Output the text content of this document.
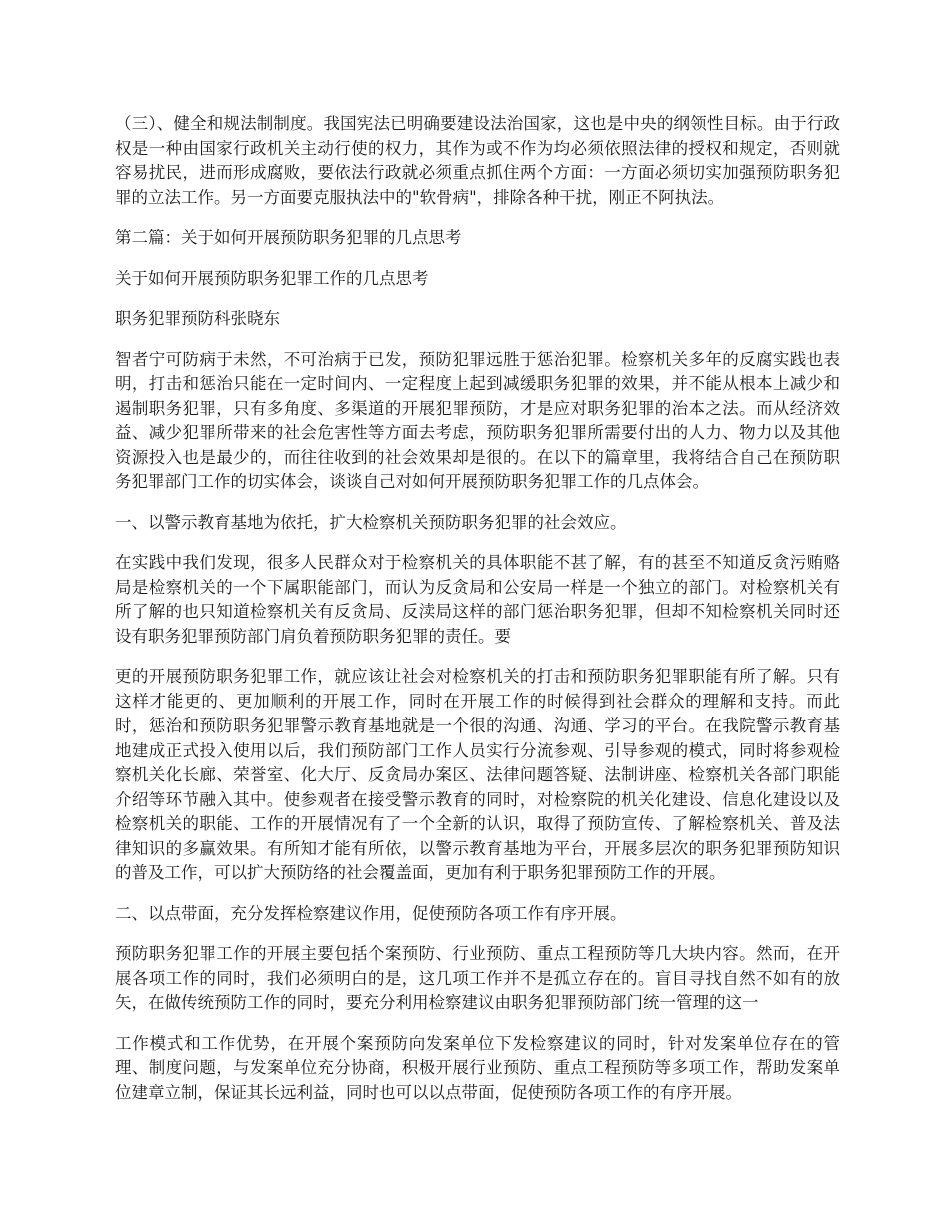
（三）、健全和规法制制度。我国宪法已明确要建设法治国家，这也是中央的纲领性目标。由于行政权是一种由国家行政机关主动行使的权力，其作为或不作为均必须依照法律的授权和规定，否则就容易扰民，进而形成腐败，要依法行政就必须重点抓住两个方面：一方面必须切实加强预防职务犯罪的立法工作。另一方面要克服执法中的"软骨病"，排除各种干扰，刚正不阿执法。

第二篇：关于如何开展预防职务犯罪的几点思考

关于如何开展预防职务犯罪工作的几点思考

职务犯罪预防科张晓东

智者宁可防病于未然，不可治病于已发，预防犯罪远胜于惩治犯罪。检察机关多年的反腐实践也表明，打击和惩治只能在一定时间内、一定程度上起到减缓职务犯罪的效果，并不能从根本上减少和遏制职务犯罪，只有多角度、多渠道的开展犯罪预防，才是应对职务犯罪的治本之法。而从经济效益、减少犯罪所带来的社会危害性等方面去考虑，预防职务犯罪所需要付出的人力、物力以及其他资源投入也是最少的，而往往收到的社会效果却是很的。在以下的篇章里，我将结合自己在预防职务犯罪部门工作的切实体会，谈谈自己对如何开展预防职务犯罪工作的几点体会。

一、以警示教育基地为依托，扩大检察机关预防职务犯罪的社会效应。

在实践中我们发现，很多人民群众对于检察机关的具体职能不甚了解，有的甚至不知道反贪污贿赂局是检察机关的一个下属职能部门，而认为反贪局和公安局一样是一个独立的部门。对检察机关有所了解的也只知道检察机关有反贪局、反渎局这样的部门惩治职务犯罪，但却不知检察机关同时还设有职务犯罪预防部门肩负着预防职务犯罪的责任。要

更的开展预防职务犯罪工作，就应该让社会对检察机关的打击和预防职务犯罪职能有所了解。只有这样才能更的、更加顺利的开展工作，同时在开展工作的时候得到社会群众的理解和支持。而此时，惩治和预防职务犯罪警示教育基地就是一个很的沟通、沟通、学习的平台。在我院警示教育基地建成正式投入使用以后，我们预防部门工作人员实行分流参观、引导参观的模式，同时将参观检察机关化长廊、荣誉室、化大厅、反贪局办案区、法律问题答疑、法制讲座、检察机关各部门职能介绍等环节融入其中。使参观者在接受警示教育的同时，对检察院的机关化建设、信息化建设以及检察机关的职能、工作的开展情况有了一个全新的认识，取得了预防宣传、了解检察机关、普及法律知识的多赢效果。有所知才能有所依，以警示教育基地为平台，开展多层次的职务犯罪预防知识的普及工作，可以扩大预防络的社会覆盖面，更加有利于职务犯罪预防工作的开展。

二、以点带面，充分发挥检察建议作用，促使预防各项工作有序开展。

预防职务犯罪工作的开展主要包括个案预防、行业预防、重点工程预防等几大块内容。然而，在开展各项工作的同时，我们必须明白的是，这几项工作并不是孤立存在的。盲目寻找自然不如有的放矢，在做传统预防工作的同时，要充分利用检察建议由职务犯罪预防部门统一管理的这一

工作模式和工作优势，在开展个案预防向发案单位下发检察建议的同时，针对发案单位存在的管理、制度问题，与发案单位充分协商，积极开展行业预防、重点工程预防等多项工作，帮助发案单位建章立制，保证其长远利益，同时也可以以点带面，促使预防各项工作的有序开展。
